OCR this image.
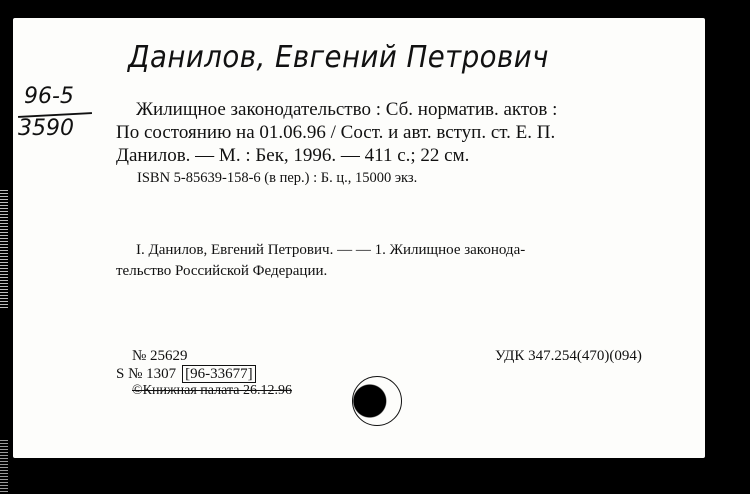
Данилов, Евгений Петрович
96-5
3590
Жилищное законодательство : Сб. норматив. актов :
По состоянию на 01.06.96 / Сост. и авт. вступ. ст. Е. П.
Данилов. — М. : Бек, 1996. — 411 с.; 22 см.
ISBN 5-85639-158-6 (в пер.) : Б. ц., 15000 экз.
I. Данилов, Евгений Петрович. — — 1. Жилищное законода-
тельство Российской Федерации.
№ 25629	УДК 347.254(470)(094)
S № 1307 [96-33677]
©Книжная палата 26.12.96
